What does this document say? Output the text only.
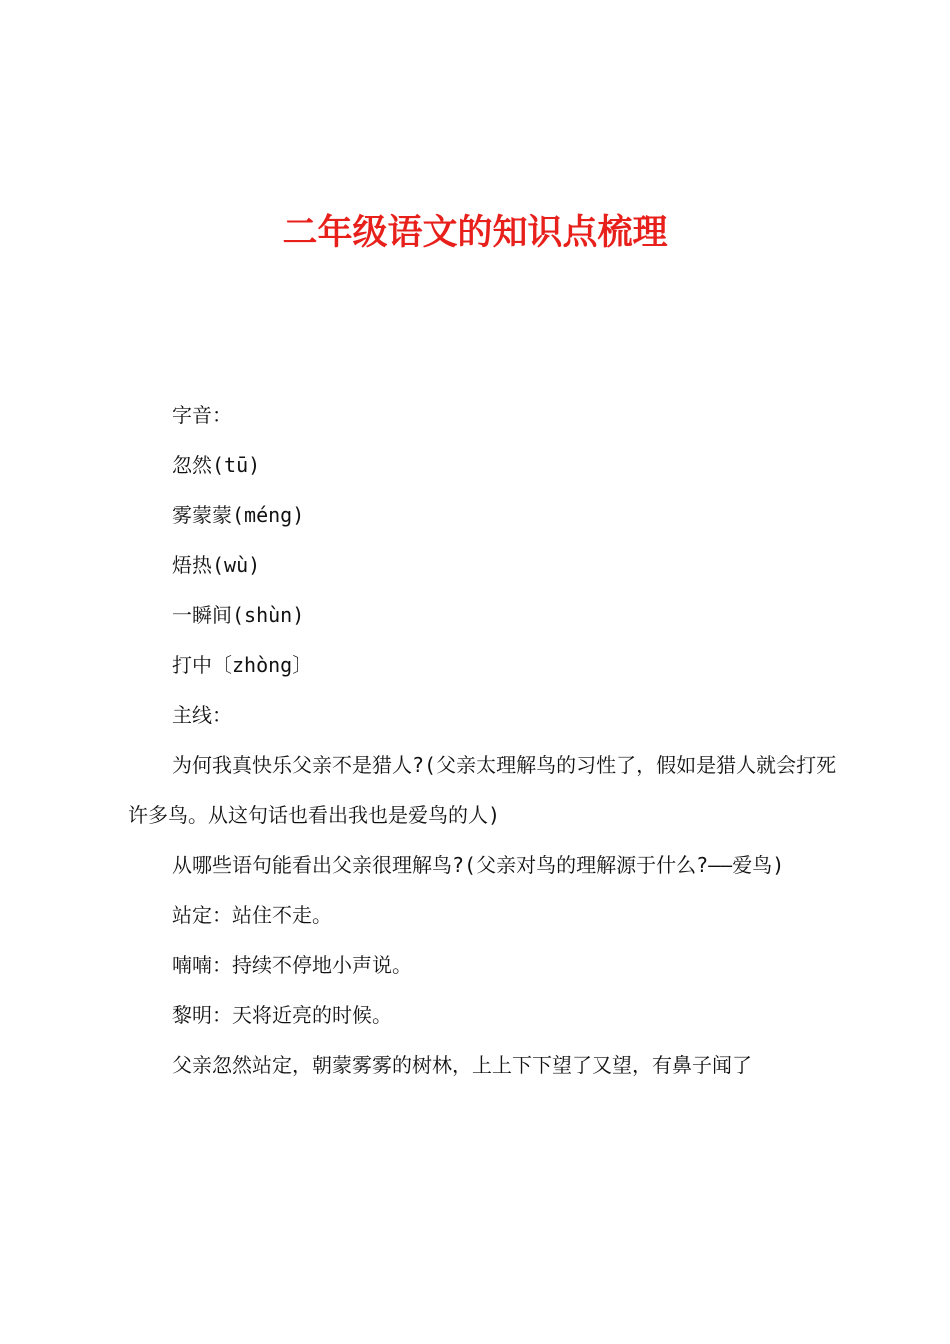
二年级语文的知识点梳理

字音：

忽然(tū)

雾蒙蒙(méng)

焐热(wù)

一瞬间(shùn)

打中〔zhòng〕

主线：

为何我真快乐父亲不是猎人?(父亲太理解鸟的习性了，假如是猎人就会打死许多鸟。从这句话也看出我也是爱鸟的人)

从哪些语句能看出父亲很理解鸟?(父亲对鸟的理解源于什么?——爱鸟)

站定：站住不走。

喃喃：持续不停地小声说。

黎明：天将近亮的时候。

父亲忽然站定，朝蒙雾雾的树林，上上下下望了又望，有鼻子闻了
